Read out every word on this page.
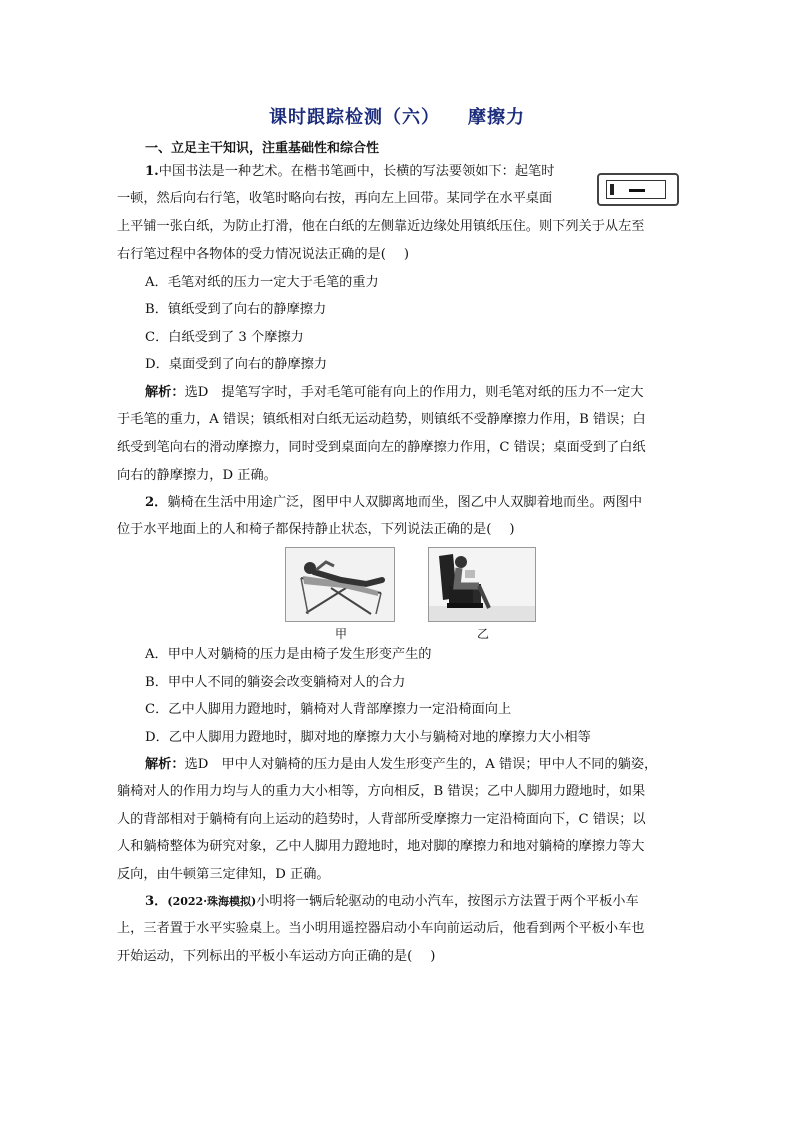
课时跟踪检测（六） 摩擦力
一、立足主干知识，注重基础性和综合性
1.中国书法是一种艺术。在楷书笔画中，长横的写法要领如下：起笔时
一顿，然后向右行笔，收笔时略向右按，再向左上回带。某同学在水平桌面
上平铺一张白纸，为防止打滑，他在白纸的左侧靠近边缘处用镇纸压住。则下列关于从左至
右行笔过程中各物体的受力情况说法正确的是( )
A．毛笔对纸的压力一定大于毛笔的重力
B．镇纸受到了向右的静摩擦力
C．白纸受到了 3 个摩擦力
D．桌面受到了向右的静摩擦力
解析：选D　提笔写字时，手对毛笔可能有向上的作用力，则毛笔对纸的压力不一定大
于毛笔的重力，A 错误；镇纸相对白纸无运动趋势，则镇纸不受静摩擦力作用，B 错误；白
纸受到笔向右的滑动摩擦力，同时受到桌面向左的静摩擦力作用，C 错误；桌面受到了白纸
向右的静摩擦力，D 正确。
2．躺椅在生活中用途广泛，图甲中人双脚离地而坐，图乙中人双脚着地而坐。两图中
位于水平地面上的人和椅子都保持静止状态，下列说法正确的是( )
甲	乙
A．甲中人对躺椅的压力是由椅子发生形变产生的
B．甲中人不同的躺姿会改变躺椅对人的合力
C．乙中人脚用力蹬地时，躺椅对人背部摩擦力一定沿椅面向上
D．乙中人脚用力蹬地时，脚对地的摩擦力大小与躺椅对地的摩擦力大小相等
解析：选D　甲中人对躺椅的压力是由人发生形变产生的，A 错误；甲中人不同的躺姿，
躺椅对人的作用力均与人的重力大小相等，方向相反，B 错误；乙中人脚用力蹬地时，如果
人的背部相对于躺椅有向上运动的趋势时，人背部所受摩擦力一定沿椅面向下，C 错误；以
人和躺椅整体为研究对象，乙中人脚用力蹬地时，地对脚的摩擦力和地对躺椅的摩擦力等大
反向，由牛顿第三定律知，D 正确。
3．(2022·珠海模拟)小明将一辆后轮驱动的电动小汽车，按图示方法置于两个平板小车
上，三者置于水平实验桌上。当小明用遥控器启动小车向前运动后，他看到两个平板小车也
开始运动，下列标出的平板小车运动方向正确的是( )
